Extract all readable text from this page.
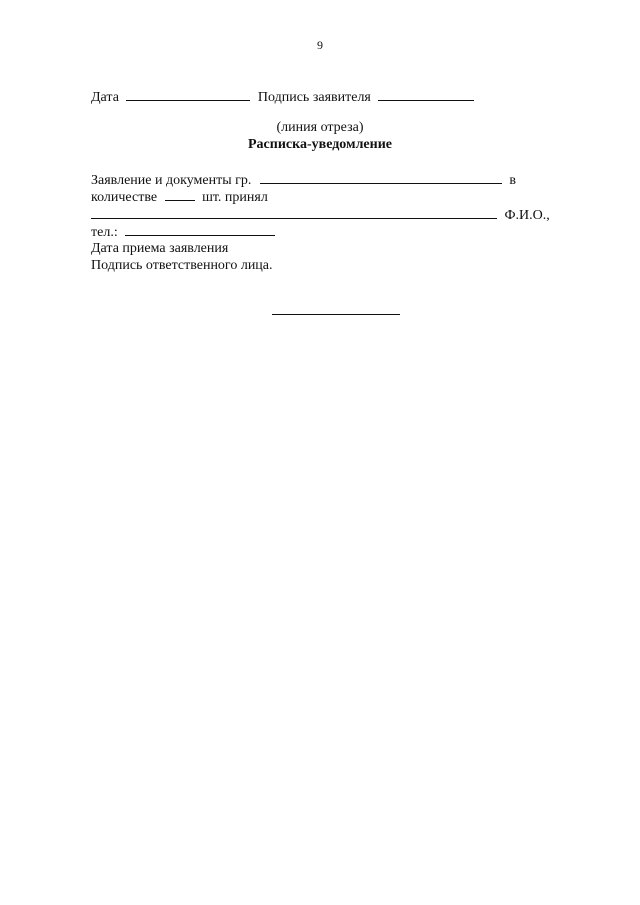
9
Дата	Подпись заявителя
(линия отреза)
Расписка-уведомление
Заявление и документы гр.	в
количестве	шт. принял
Ф.И.О.,
тел.:
Дата приема заявления
Подпись ответственного лица.
